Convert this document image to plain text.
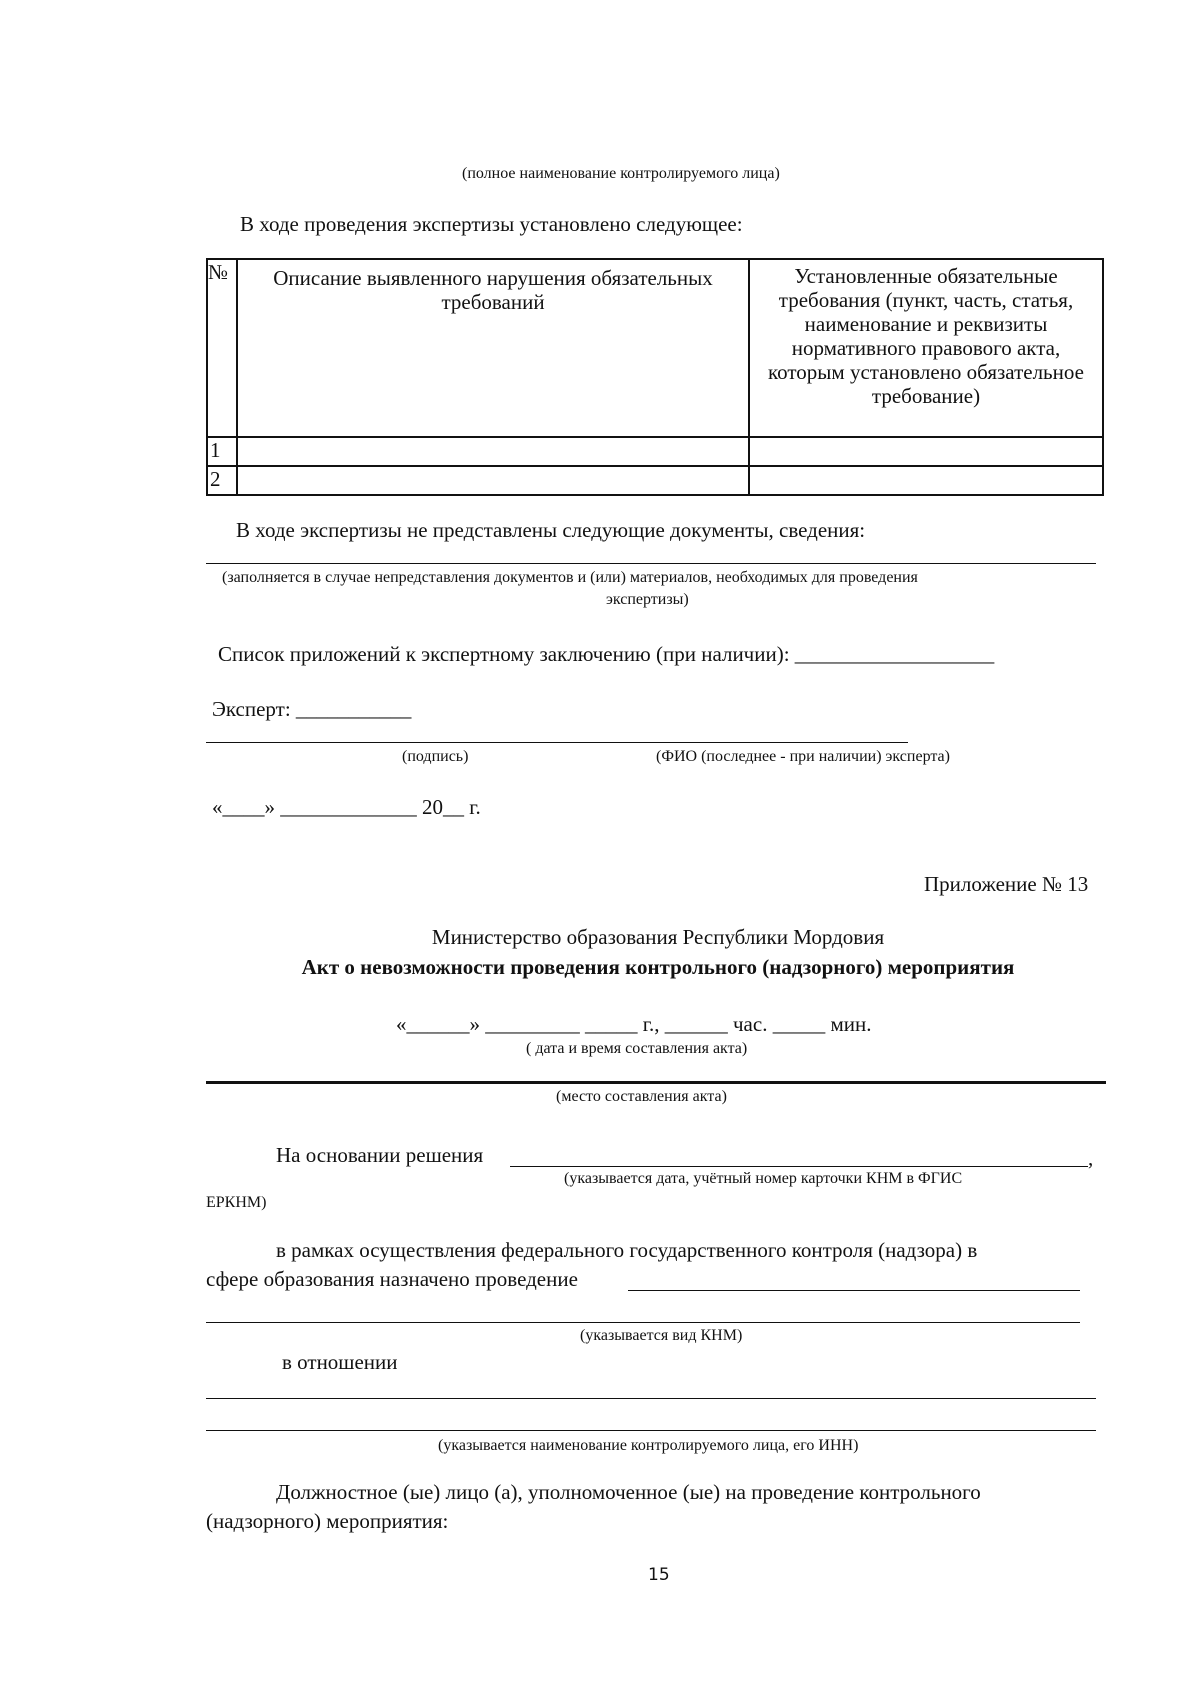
(полное наименование контролируемого лица)
В ходе проведения экспертизы установлено следующее:
№	Описание выявленного нарушения обязательных требований	Установленные обязательные требования (пункт, часть, статья, наименование и реквизиты нормативного правового акта, которым установлено обязательное требование)
1		
2		
В ходе экспертизы не представлены следующие документы, сведения:
(заполняется в случае непредставления документов и (или) материалов, необходимых для проведения
экспертизы)
Список приложений к экспертному заключению (при наличии): ___________________
Эксперт: ___________
(подпись)	(ФИО (последнее - при наличии) эксперта)
«____» _____________ 20__ г.
Приложение № 13
Министерство образования Республики Мордовия
Акт о невозможности проведения контрольного (надзорного) мероприятия
«______» _________ _____ г., ______ час. _____ мин.
( дата и время составления акта)
(место составления акта)
На основании решения	,
(указывается дата, учётный номер карточки КНМ в ФГИС
ЕРКНМ)
в рамках осуществления федерального государственного контроля (надзора) в
сфере образования назначено проведение
(указывается вид КНМ)
в отношении
(указывается наименование контролируемого лица, его ИНН)
Должностное (ые) лицо (а), уполномоченное (ые) на проведение контрольного
(надзорного) мероприятия:
15
